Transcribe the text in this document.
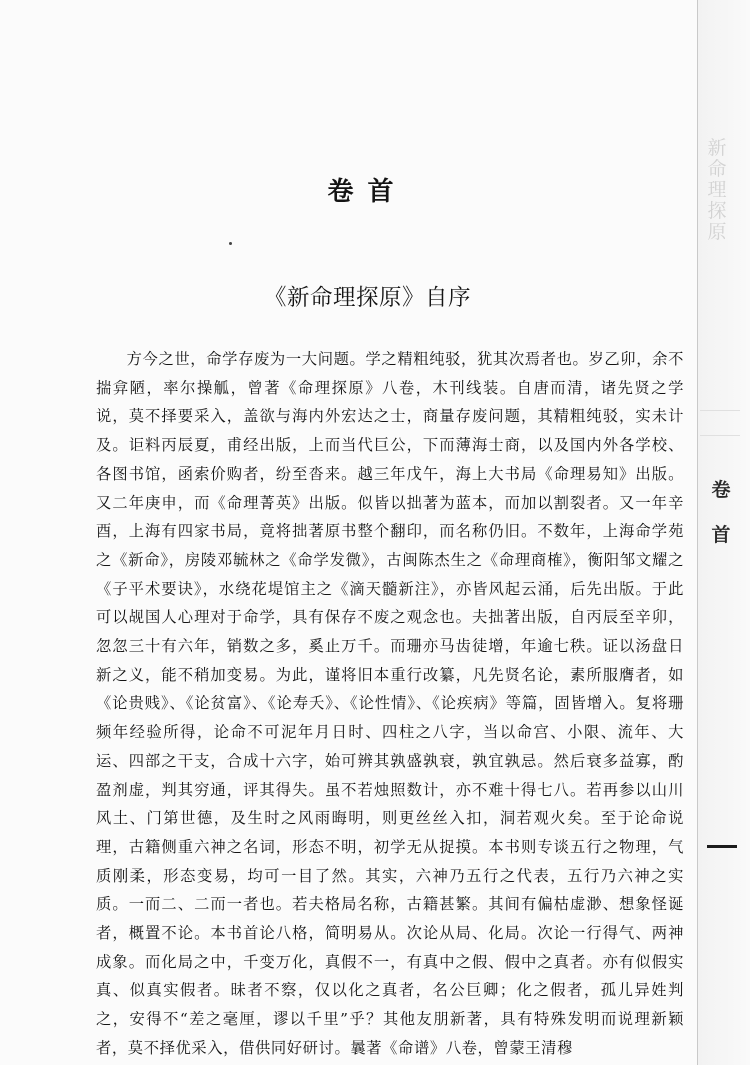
新命理探原
卷首
卷首
《新命理探原》自序

方今之世，命学存废为一大问题。学之精粗纯驳，犹其次焉者也。岁乙卯，余不揣弇陋，率尔操觚，曾著《命理探原》八卷，木刊线装。自唐而清，诸先贤之学说，莫不择要采入，盖欲与海内外宏达之士，商量存废问题，其精粗纯驳，实未计及。讵料丙辰夏，甫经出版，上而当代巨公，下而薄海士商，以及国内外各学校、各图书馆，函索价购者，纷至沓来。越三年戊午，海上大书局《命理易知》出版。又二年庚申，而《命理菁英》出版。似皆以拙著为蓝本，而加以割裂者。又一年辛酉，上海有四家书局，竟将拙著原书整个翻印，而名称仍旧。不数年，上海命学苑之《新命》，房陵邓毓林之《命学发微》，古闽陈杰生之《命理商榷》，衡阳邹文耀之《子平术要诀》，水绕花堤馆主之《滴天髓新注》，亦皆风起云涌，后先出版。于此可以觇国人心理对于命学，具有保存不废之观念也。夫拙著出版，自丙辰至辛卯，忽忽三十有六年，销数之多，奚止万千。而珊亦马齿徒增，年逾七秩。证以汤盘日新之义，能不稍加变易。为此，谨将旧本重行改纂，凡先贤名论，素所服膺者，如《论贵贱》、《论贫富》、《论寿夭》、《论性情》、《论疾病》等篇，固皆增入。复将珊频年经验所得，论命不可泥年月日时、四柱之八字，当以命宫、小限、流年、大运、四部之干支，合成十六字，始可辨其孰盛孰衰，孰宜孰忌。然后衰多益寡，酌盈剂虚，判其穷通，评其得失。虽不若烛照数计，亦不难十得七八。若再参以山川风土、门第世德，及生时之风雨晦明，则更丝丝入扣，洞若观火矣。至于论命说理，古籍侧重六神之名词，形态不明，初学无从捉摸。本书则专谈五行之物理，气质刚柔，形态变易，均可一目了然。其实，六神乃五行之代表，五行乃六神之实质。一而二、二而一者也。若夫格局名称，古籍甚繁。其间有偏枯虚渺、想象怪诞者，概置不论。本书首论八格，简明易从。次论从局、化局。次论一行得气、两神成象。而化局之中，千变万化，真假不一，有真中之假、假中之真者。亦有似假实真、似真实假者。昧者不察，仅以化之真者，名公巨卿；化之假者，孤儿异姓判之，安得不“差之毫厘，谬以千里”乎？其他友朋新著，具有特殊发明而说理新颖者，莫不择优采入，借供同好研讨。曩著《命谱》八卷，曾蒙王清穆
